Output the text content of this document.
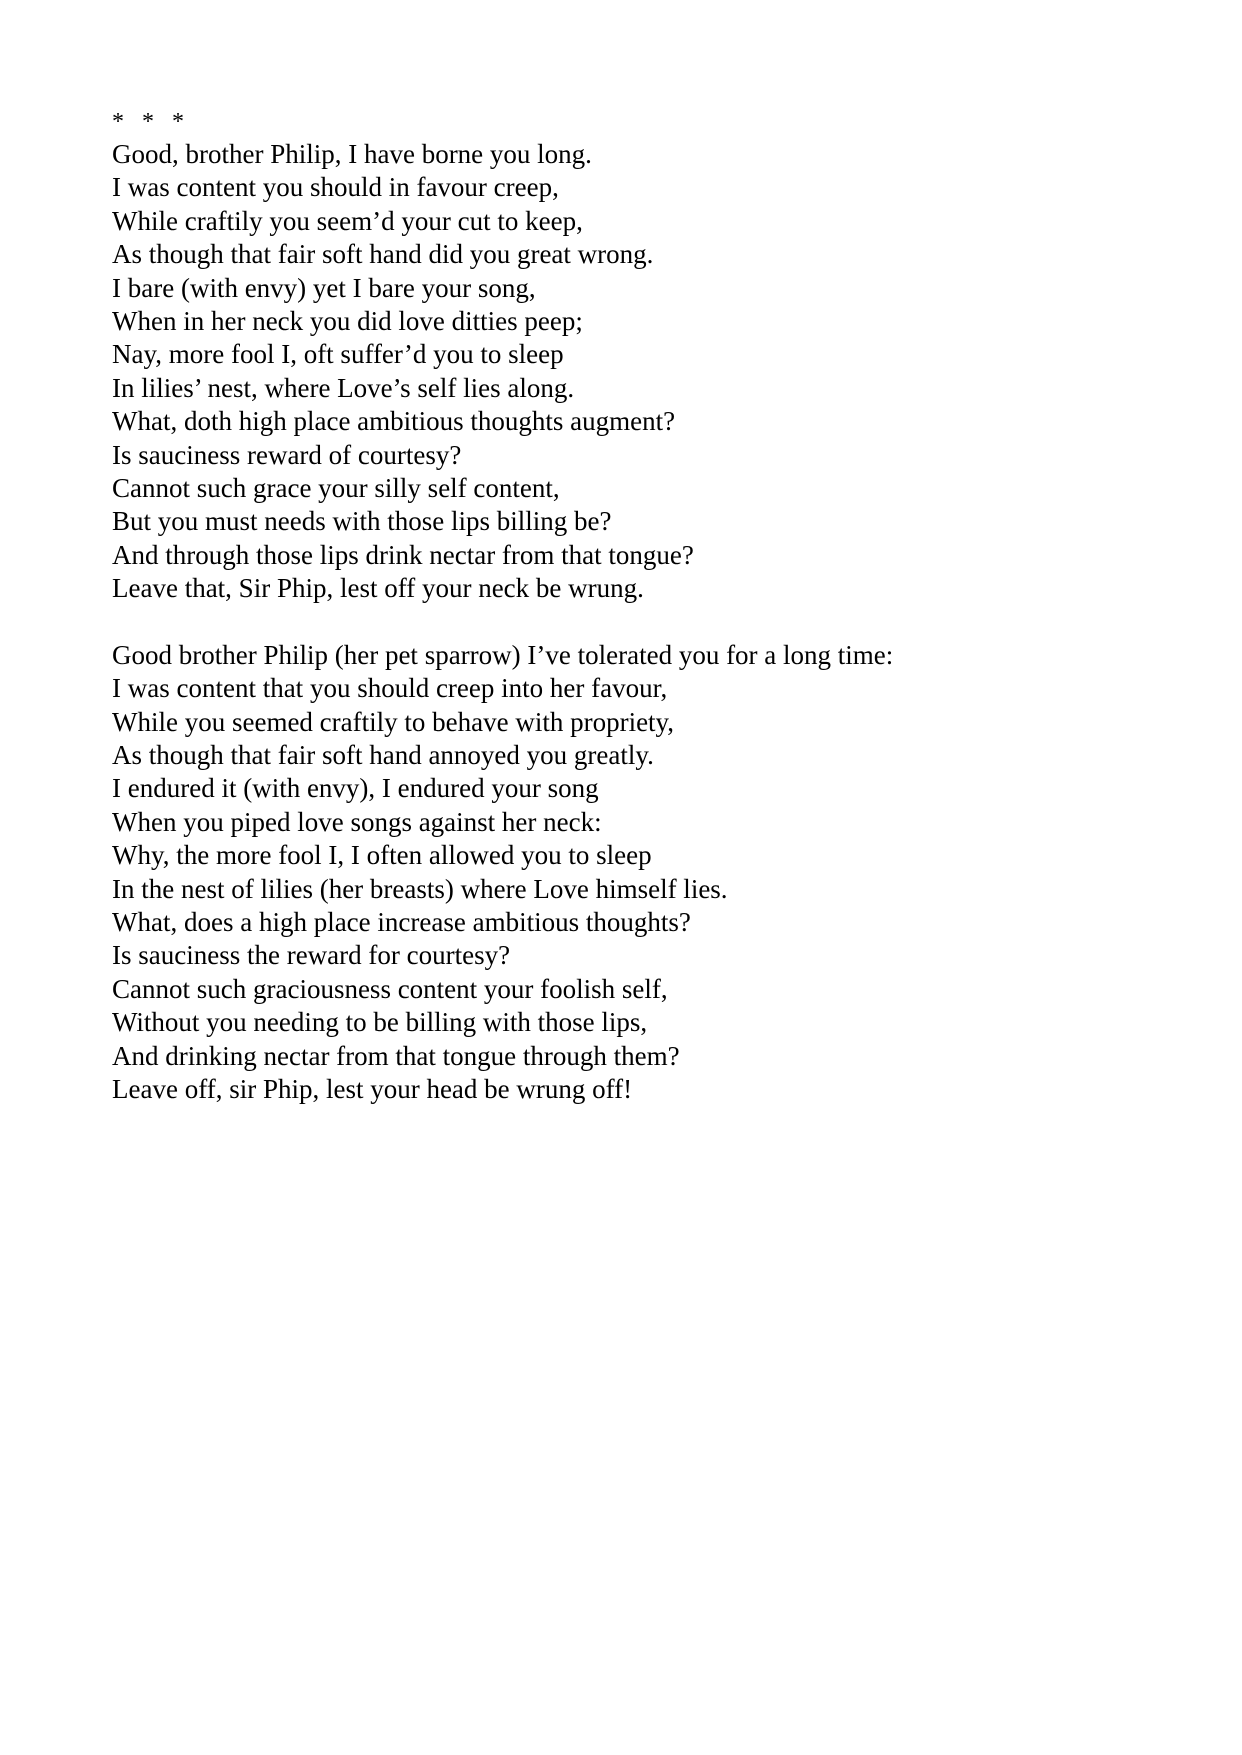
* * *
Good, brother Philip, I have borne you long.
I was content you should in favour creep,
While craftily you seem’d your cut to keep,
As though that fair soft hand did you great wrong.
I bare (with envy) yet I bare your song,
When in her neck you did love ditties peep;
Nay, more fool I, oft suffer’d you to sleep
In lilies’ nest, where Love’s self lies along.
What, doth high place ambitious thoughts augment?
Is sauciness reward of courtesy?
Cannot such grace your silly self content,
But you must needs with those lips billing be?
And through those lips drink nectar from that tongue?
Leave that, Sir Phip, lest off your neck be wrung.
Good brother Philip (her pet sparrow) I’ve tolerated you for a long time:
I was content that you should creep into her favour,
While you seemed craftily to behave with propriety,
As though that fair soft hand annoyed you greatly.
I endured it (with envy), I endured your song
When you piped love songs against her neck:
Why, the more fool I, I often allowed you to sleep
In the nest of lilies (her breasts) where Love himself lies.
What, does a high place increase ambitious thoughts?
Is sauciness the reward for courtesy?
Cannot such graciousness content your foolish self,
Without you needing to be billing with those lips,
And drinking nectar from that tongue through them?
Leave off, sir Phip, lest your head be wrung off!
